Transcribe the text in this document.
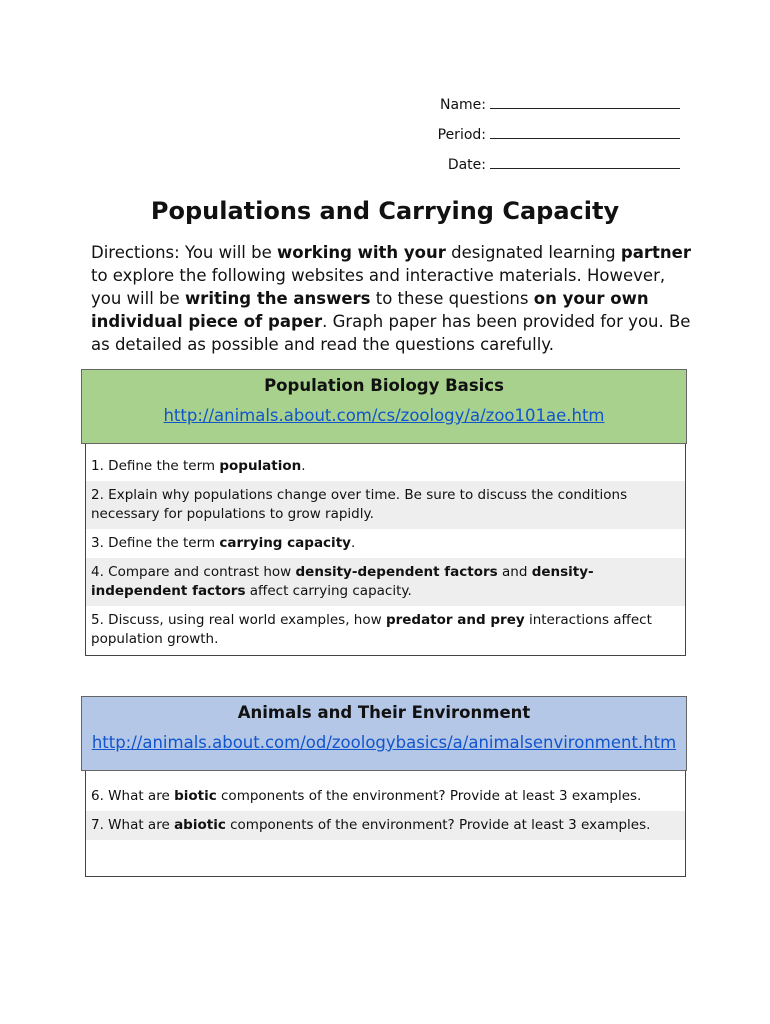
Name:
Period:
Date:
Populations and Carrying Capacity
Directions: You will be working with your designated learning partner to explore the following websites and interactive materials. However, you will be writing the answers to these questions on your own individual piece of paper. Graph paper has been provided for you. Be as detailed as possible and read the questions carefully.
1. Define the term population.
2. Explain why populations change over time. Be sure to discuss the conditions necessary for populations to grow rapidly.
3. Define the term carrying capacity.
4. Compare and contrast how density-dependent factors and density-independent factors affect carrying capacity.
5. Discuss, using real world examples, how predator and prey interactions affect population growth.
Population Biology Basics
http://animals.about.com/cs/zoology/a/zoo101ae.htm
6. What are biotic components of the environment? Provide at least 3 examples.
7. What are abiotic components of the environment? Provide at least 3 examples.
Animals and Their Environment
http://animals.about.com/od/zoologybasics/a/animalsenvironment.htm
